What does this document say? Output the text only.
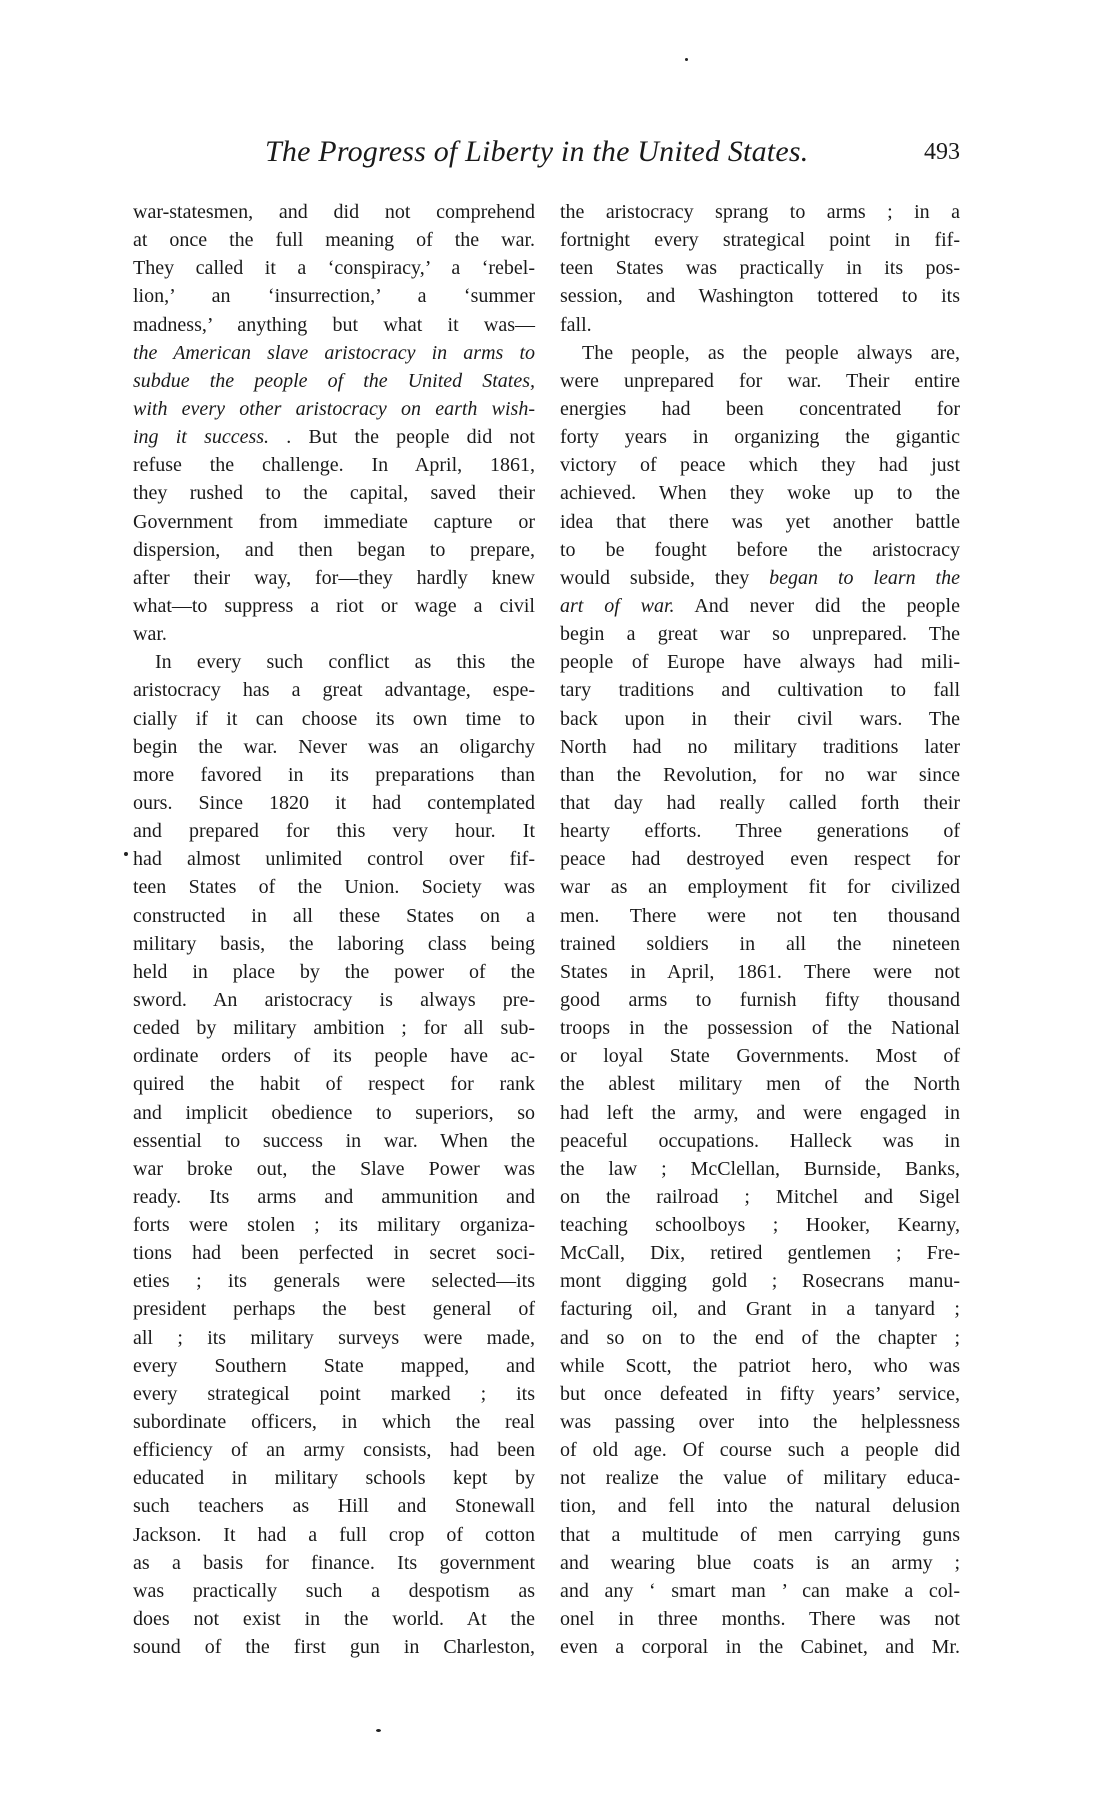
The Progress of Liberty in the United States.	493
war-statesmen, and did not comprehend
at once the full meaning of the war.
They called it a ‘conspiracy,’ a ‘rebel-
lion,’ an ‘insurrection,’ a ‘summer
madness,’ anything but what it was—
the American slave aristocracy in arms to
subdue the people of the United States,
with every other aristocracy on earth wish-
ing it success. . But the people did not
refuse the challenge. In April, 1861,
they rushed to the capital, saved their
Government from immediate capture or
dispersion, and then began to prepare,
after their way, for—they hardly knew
what—to suppress a riot or wage a civil
war.
In every such conflict as this the
aristocracy has a great advantage, espe-
cially if it can choose its own time to
begin the war. Never was an oligarchy
more favored in its preparations than
ours. Since 1820 it had contemplated
and prepared for this very hour. It
had almost unlimited control over fif-
teen States of the Union. Society was
constructed in all these States on a
military basis, the laboring class being
held in place by the power of the
sword. An aristocracy is always pre-
ceded by military ambition ; for all sub-
ordinate orders of its people have ac-
quired the habit of respect for rank
and implicit obedience to superiors, so
essential to success in war. When the
war broke out, the Slave Power was
ready. Its arms and ammunition and
forts were stolen ; its military organiza-
tions had been perfected in secret soci-
eties ; its generals were selected—its
president perhaps the best general of
all ; its military surveys were made,
every Southern State mapped, and
every strategical point marked ; its
subordinate officers, in which the real
efficiency of an army consists, had been
educated in military schools kept by
such teachers as Hill and Stonewall
Jackson. It had a full crop of cotton
as a basis for finance. Its government
was practically such a despotism as
does not exist in the world. At the
sound of the first gun in Charleston,
the aristocracy sprang to arms ; in a
fortnight every strategical point in fif-
teen States was practically in its pos-
session, and Washington tottered to its
fall.
The people, as the people always are,
were unprepared for war. Their entire
energies had been concentrated for
forty years in organizing the gigantic
victory of peace which they had just
achieved. When they woke up to the
idea that there was yet another battle
to be fought before the aristocracy
would subside, they began to learn the
art of war. And never did the people
begin a great war so unprepared. The
people of Europe have always had mili-
tary traditions and cultivation to fall
back upon in their civil wars. The
North had no military traditions later
than the Revolution, for no war since
that day had really called forth their
hearty efforts. Three generations of
peace had destroyed even respect for
war as an employment fit for civilized
men. There were not ten thousand
trained soldiers in all the nineteen
States in April, 1861. There were not
good arms to furnish fifty thousand
troops in the possession of the National
or loyal State Governments. Most of
the ablest military men of the North
had left the army, and were engaged in
peaceful occupations. Halleck was in
the law ; McClellan, Burnside, Banks,
on the railroad ; Mitchel and Sigel
teaching schoolboys ; Hooker, Kearny,
McCall, Dix, retired gentlemen ; Fre-
mont digging gold ; Rosecrans manu-
facturing oil, and Grant in a tanyard ;
and so on to the end of the chapter ;
while Scott, the patriot hero, who was
but once defeated in fifty years’ service,
was passing over into the helplessness
of old age. Of course such a people did
not realize the value of military educa-
tion, and fell into the natural delusion
that a multitude of men carrying guns
and wearing blue coats is an army ;
and any ‘ smart man ’ can make a col-
onel in three months. There was not
even a corporal in the Cabinet, and Mr.
